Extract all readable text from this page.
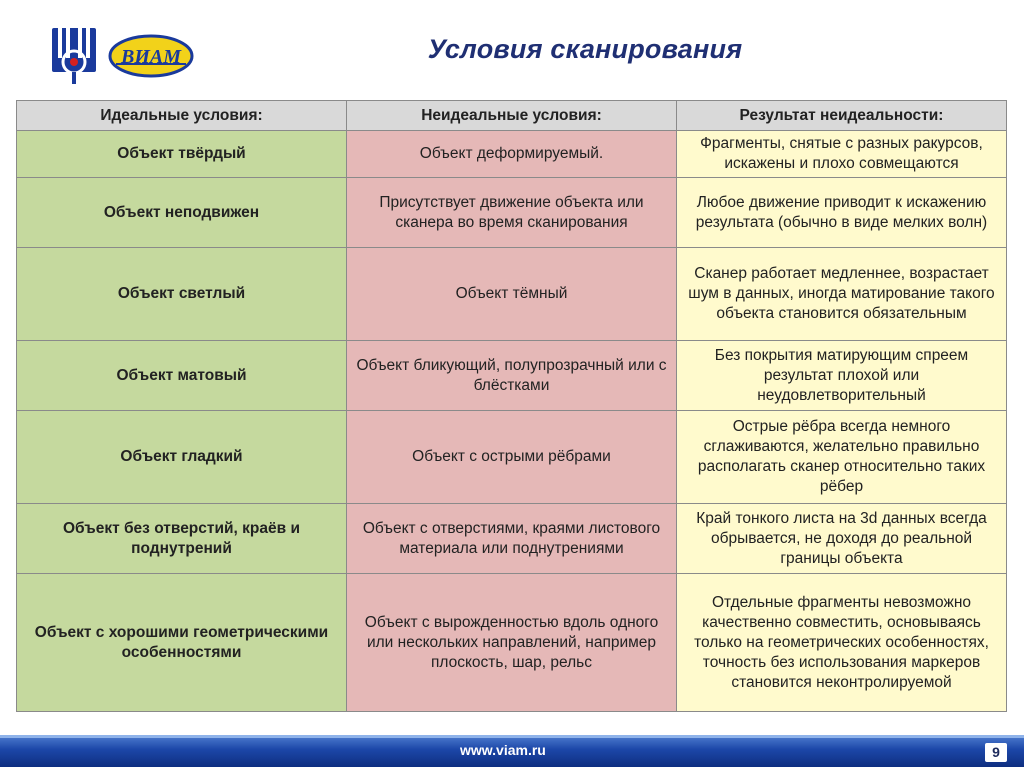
ВИАМ	Условия сканирования
Идеальные условия:	Неидеальные условия:	Результат неидеальности:
Объект твёрдый	Объект деформируемый.	Фрагменты, снятые с разных ракурсов, искажены и плохо совмещаются
Объект неподвижен	Присутствует движение объекта или сканера во время сканирования	Любое движение приводит к искажению результата (обычно в виде мелких волн)
Объект светлый	Объект тёмный	Сканер работает медленнее, возрастает шум в данных, иногда матирование такого объекта становится обязательным
Объект матовый	Объект бликующий, полупрозрачный или с блёстками	Без покрытия матирующим спреем результат плохой или неудовлетворительный
Объект гладкий	Объект с острыми рёбрами	Острые рёбра всегда немного сглаживаются, желательно правильно располагать сканер относительно таких рёбер
Объект без отверстий, краёв и поднутрений	Объект с отверстиями, краями листового материала или поднутрениями	Край тонкого листа на 3d данных всегда обрывается, не доходя до реальной границы объекта
Объект с хорошими геометрическими особенностями	Объект с вырожденностью вдоль одного или нескольких направлений, например плоскость, шар, рельс	Отдельные фрагменты невозможно качественно совместить, основываясь только на геометрических особенностях, точность без использования маркеров становится неконтролируемой
www.viam.ru	9
